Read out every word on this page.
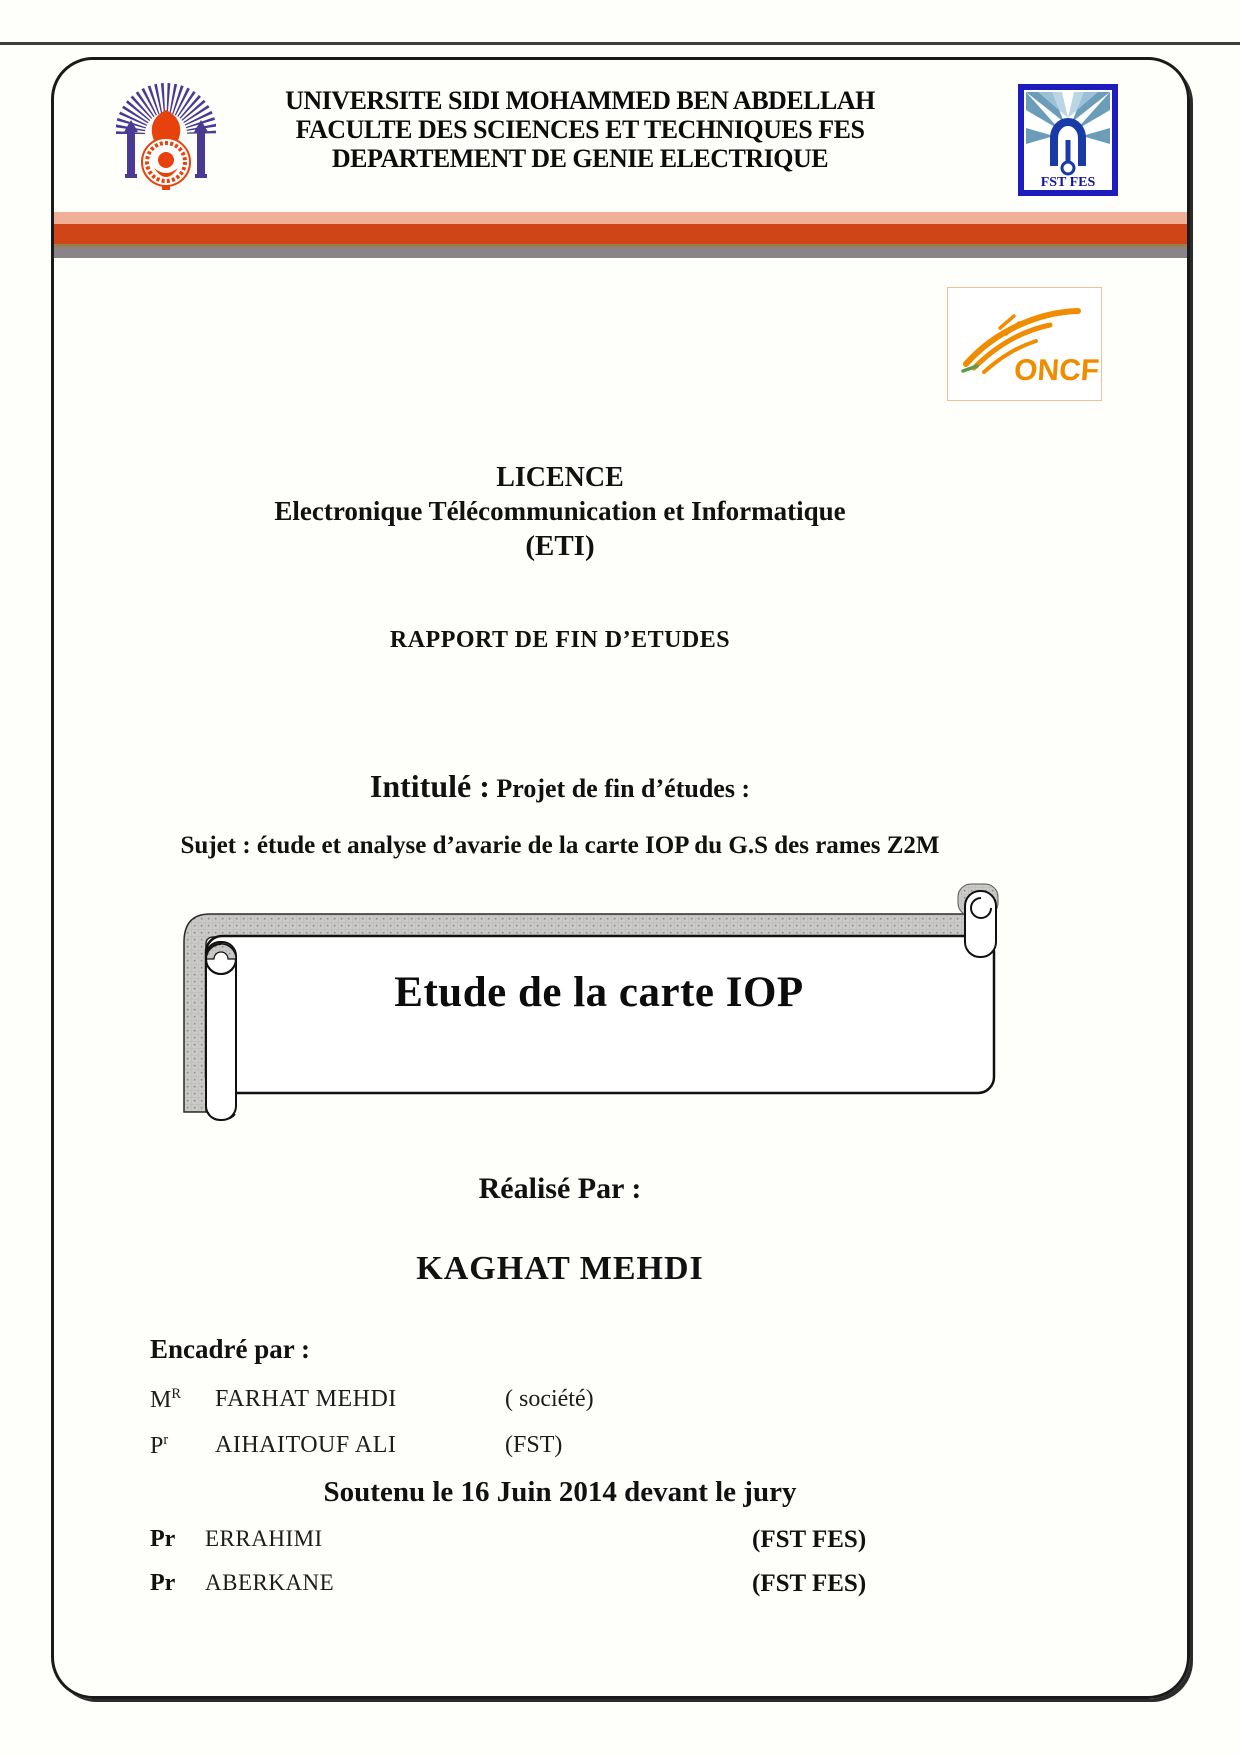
UNIVERSITE SIDI MOHAMMED BEN ABDELLAH
FACULTE DES SCIENCES ET TECHNIQUES FES
DEPARTEMENT DE GENIE ELECTRIQUE
FST FES
ONCF
LICENCE
Electronique Télécommunication et Informatique
(ETI)
RAPPORT DE FIN D’ETUDES
Intitulé : Projet de fin d’études :
Sujet : étude et analyse d’avarie de la carte IOP du G.S des rames Z2M
Etude de la carte IOP
Réalisé Par :
KAGHAT MEHDI
Encadré par :
$M^R$ FARHAT MEHDI	( société)
$P^r$ AIHAITOUF ALI	(FST)
Soutenu le 16 Juin 2014 devant le jury
Pr ERRAHIMI	(FST FES)
Pr ABERKANE	(FST FES)
